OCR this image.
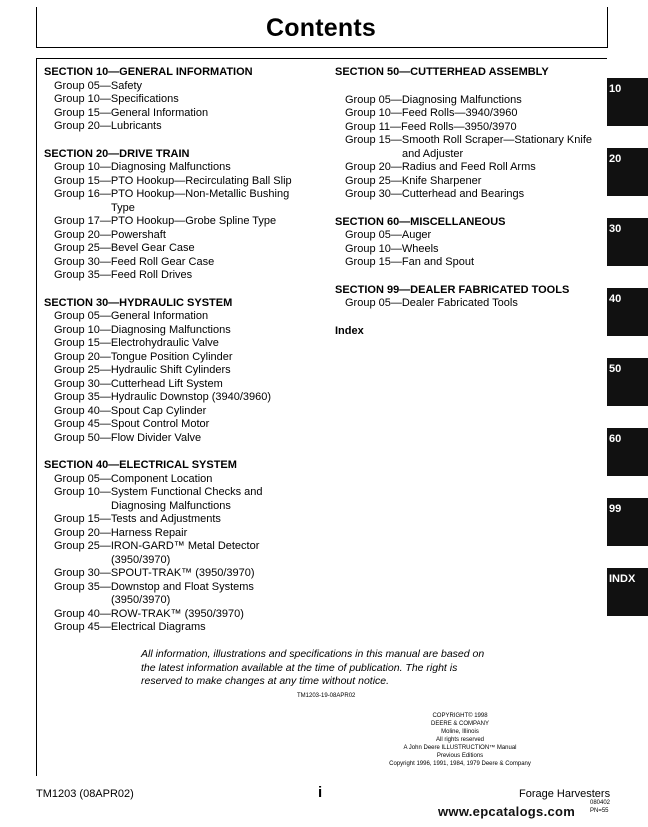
Contents
SECTION 10—GENERAL INFORMATION
Group 05—Safety
Group 10—Specifications
Group 15—General Information
Group 20—Lubricants
SECTION 20—DRIVE TRAIN
Group 10—Diagnosing Malfunctions
Group 15—PTO Hookup—Recirculating Ball Slip
Group 16—PTO Hookup—Non-Metallic Bushing
Type
Group 17—PTO Hookup—Grobe Spline Type
Group 20—Powershaft
Group 25—Bevel Gear Case
Group 30—Feed Roll Gear Case
Group 35—Feed Roll Drives
SECTION 30—HYDRAULIC SYSTEM
Group 05—General Information
Group 10—Diagnosing Malfunctions
Group 15—Electrohydraulic Valve
Group 20—Tongue Position Cylinder
Group 25—Hydraulic Shift Cylinders
Group 30—Cutterhead Lift System
Group 35—Hydraulic Downstop (3940/3960)
Group 40—Spout Cap Cylinder
Group 45—Spout Control Motor
Group 50—Flow Divider Valve
SECTION 40—ELECTRICAL SYSTEM
Group 05—Component Location
Group 10—System Functional Checks and
Diagnosing Malfunctions
Group 15—Tests and Adjustments
Group 20—Harness Repair
Group 25—IRON-GARD™ Metal Detector
(3950/3970)
Group 30—SPOUT-TRAK™ (3950/3970)
Group 35—Downstop and Float Systems
(3950/3970)
Group 40—ROW-TRAK™ (3950/3970)
Group 45—Electrical Diagrams
SECTION 50—CUTTERHEAD ASSEMBLY
Group 05—Diagnosing Malfunctions
Group 10—Feed Rolls—3940/3960
Group 11—Feed Rolls—3950/3970
Group 15—Smooth Roll Scraper—Stationary Knife
and Adjuster
Group 20—Radius and Feed Roll Arms
Group 25—Knife Sharpener
Group 30—Cutterhead and Bearings
SECTION 60—MISCELLANEOUS
Group 05—Auger
Group 10—Wheels
Group 15—Fan and Spout
SECTION 99—DEALER FABRICATED TOOLS
Group 05—Dealer Fabricated Tools
Index
10
20
30
40
50
60
99
INDX
All information, illustrations and specifications in this manual are based on
the latest information available at the time of publication. The right is
reserved to make changes at any time without notice.
TM1203-19-08APR02
COPYRIGHT© 1998
DEERE & COMPANY
Moline, Illinois
All rights reserved
A John Deere ILLUSTRUCTION™ Manual
Previous Editions
Copyright 1996, 1991, 1984, 1979 Deere & Company
TM1203 (08APR02)	i	Forage Harvesters
080402
PN=55
www.epcatalogs.com
